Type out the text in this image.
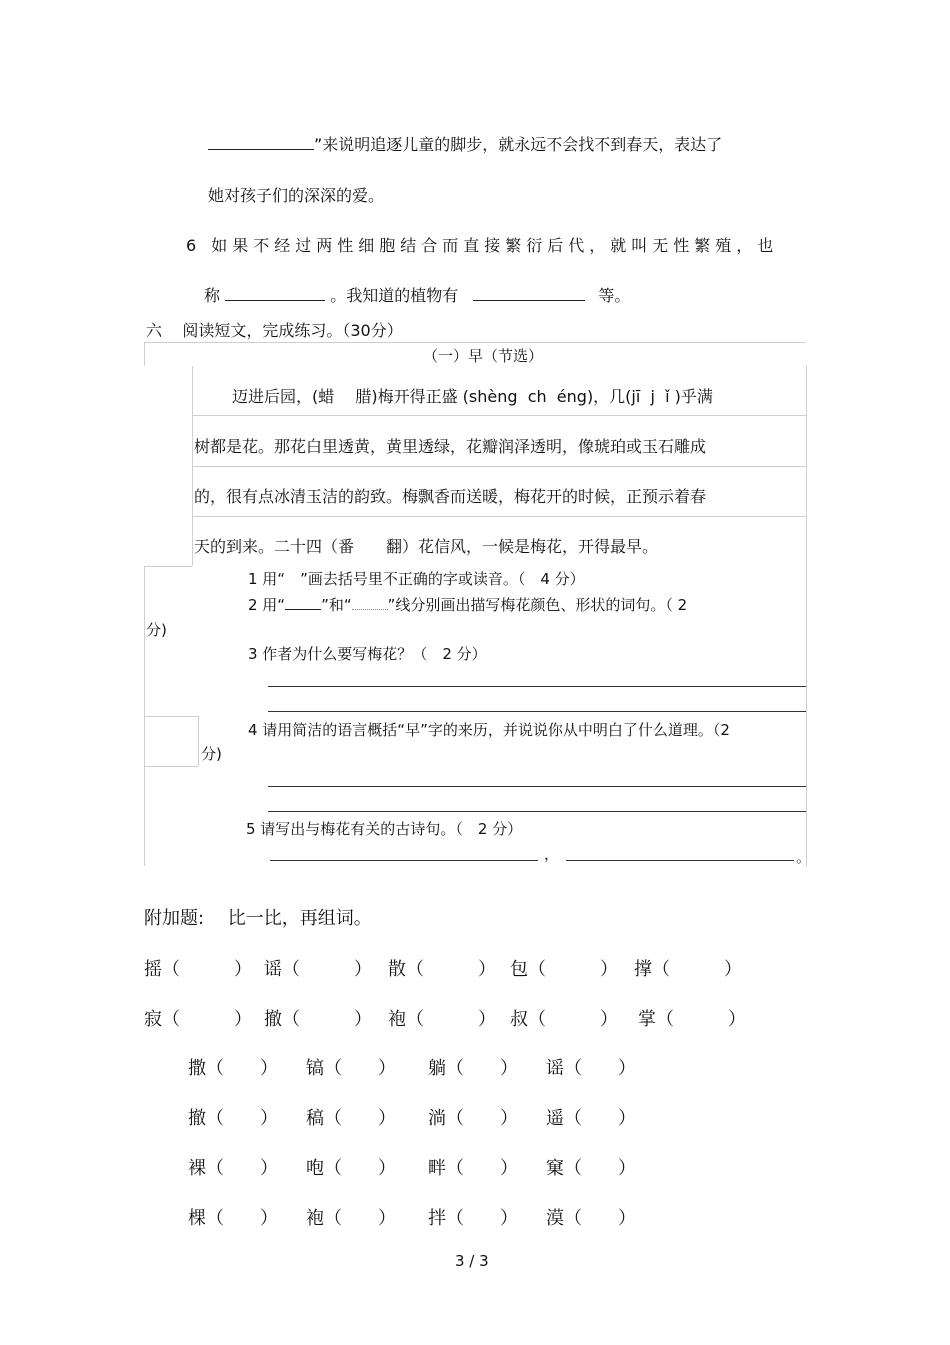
”来说明追逐儿童的脚步，就永远不会找不到春天，表达了
她对孩子们的深深的爱。
6 如果不经过两性细胞结合而直接繁衍后代，就叫无性繁殖，也
称	。我知道的植物有	等。
六    阅读短文，完成练习。（30分）
（一）早（节选）
迈进后园，(蜡　 腊)梅开得正盛 (shèng  ch  éng)，几(jī  j  ǐ )乎满
树都是花。那花白里透黄，黄里透绿，花瓣润泽透明，像琥珀或玉石雕成
的，很有点冰清玉洁的韵致。梅飘香而送暖，梅花开的时候，正预示着春
天的到来。二十四（番　　翻）花信风，一候是梅花，开得最早。
1 用“　”画去括号里不正确的字或读音。（　4 分）
2 用“ ”和“ ”线分别画出描写梅花颜色、形状的词句。（ 2
分)
3 作者为什么要写梅花？（　2 分）
4 请用简洁的语言概括“早”字的来历，并说说你从中明白了什么道理。（2
分)
5 请写出与梅花有关的古诗句。（　2 分）
，	。
附加题:　 比一比，再组词。
摇（　　　） 谣（　　　） 散（　　　） 包（　　　） 撑（　　　）
寂（　　　） 撤（　　　） 袍（　　　） 叔（　　　） 掌（　　　）
撒（　　） 镐（　　） 躺（　　） 谣（　　）
撤（　　） 稿（　　） 淌（　　） 遥（　　）
裸（　　） 咆（　　） 畔（　　） 窠（　　）
棵（　　） 袍（　　） 拌（　　） 漠（　　）
3 / 3
